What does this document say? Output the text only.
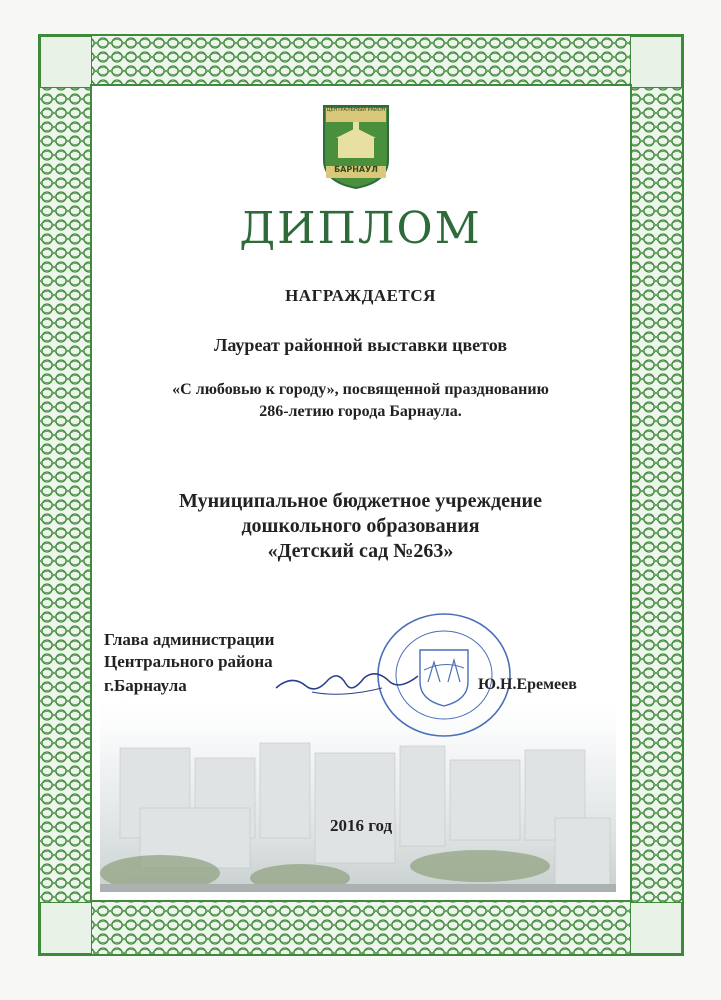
ЦЕНТРАЛЬНЫЙ РАЙОН
БАРНАУЛ
ДИПЛОМ
НАГРАЖДАЕТСЯ
Лауреат районной выставки цветов
«С любовью к городу», посвященной празднованию
286-летию города Барнаула.
Муниципальное бюджетное учреждение
дошкольного образования
«Детский сад №263»
Глава администрации
Центрального района
г.Барнаула	Ю.Н.Еремеев
2016 год
